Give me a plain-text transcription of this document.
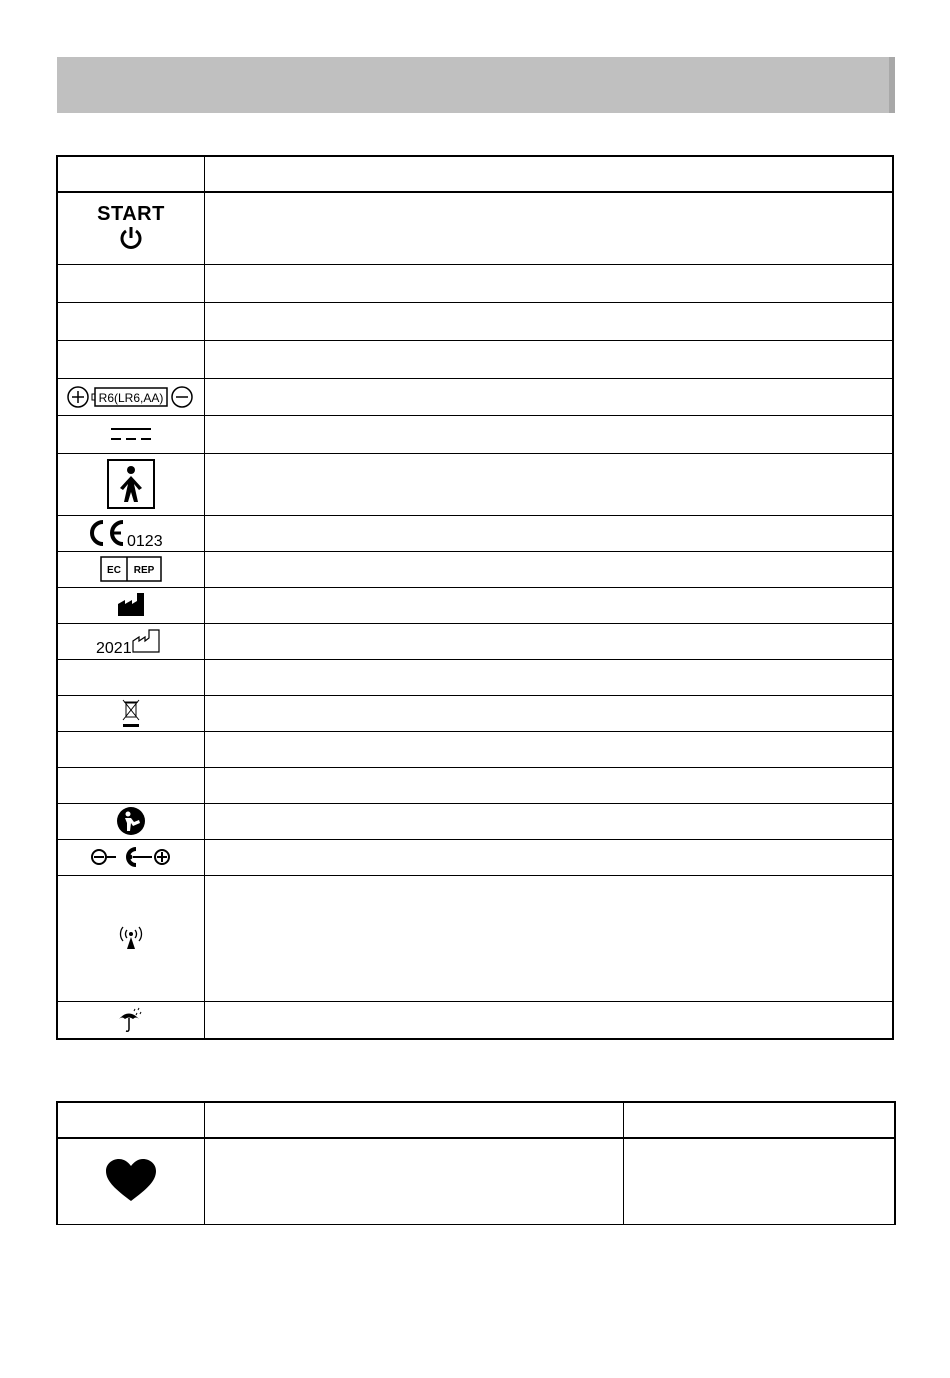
START	

R6(LR6,AA)	

0123	

EC REP	

2021	
